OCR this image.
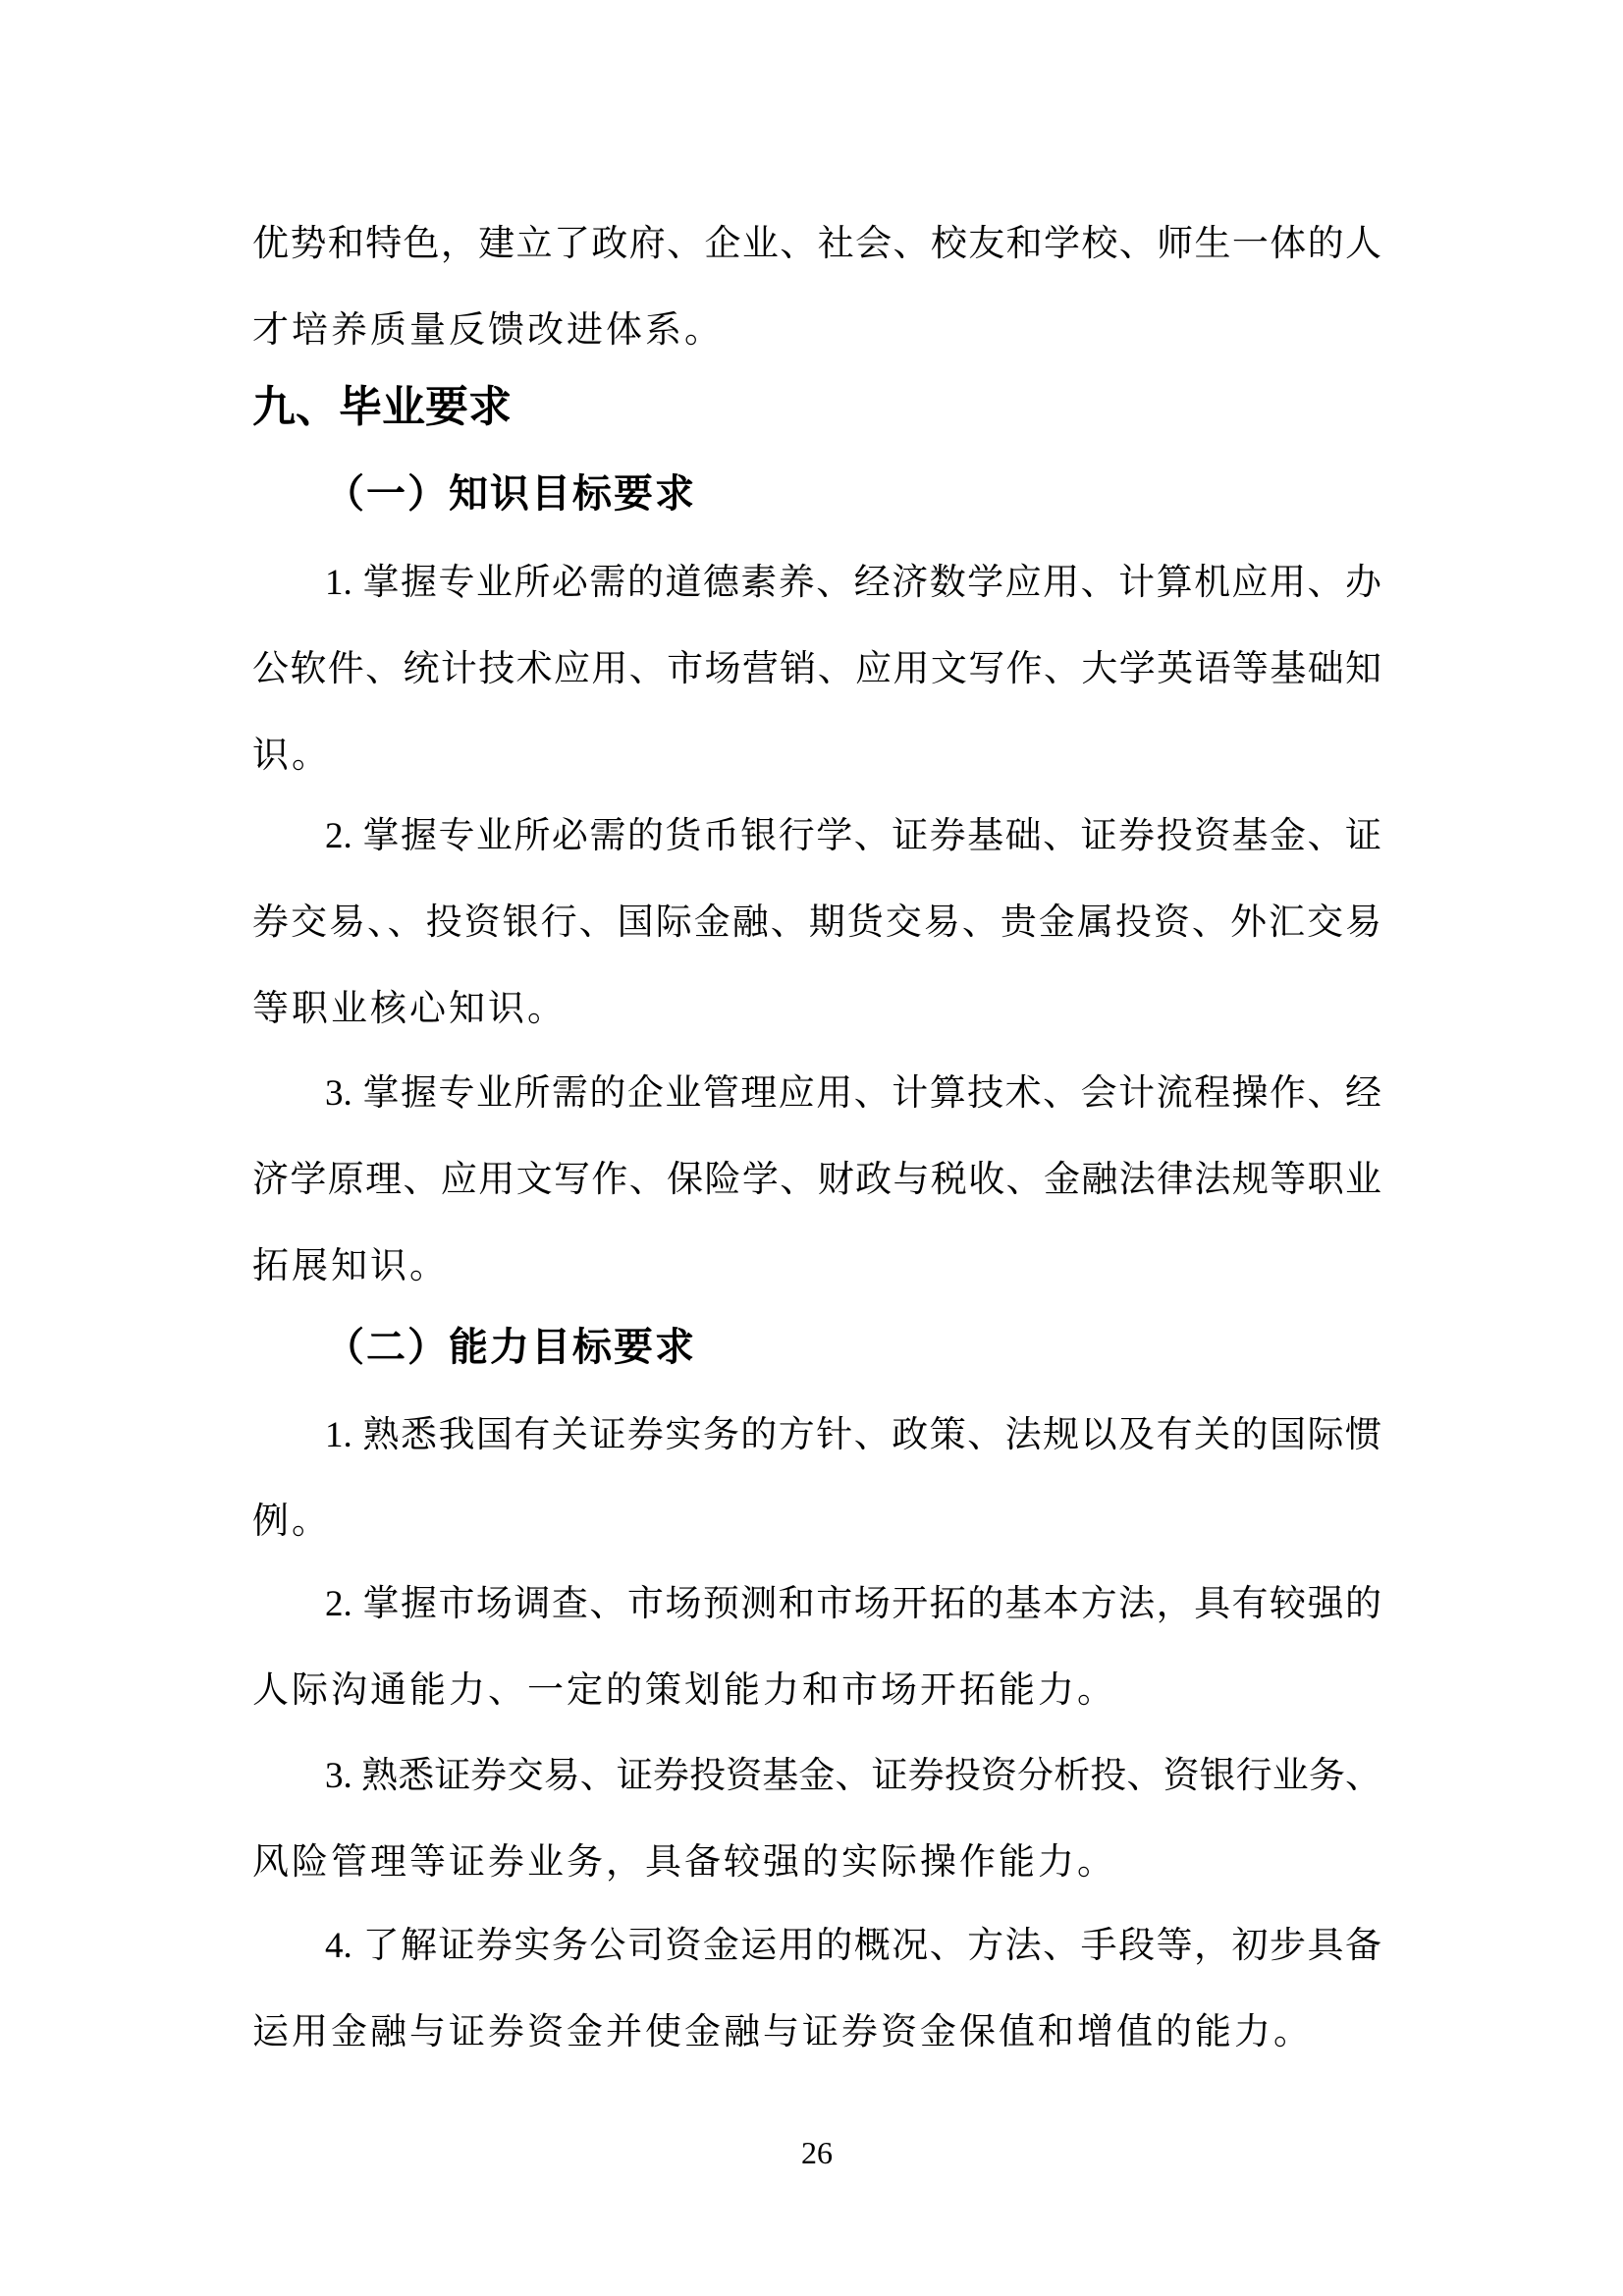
优势和特色，建立了政府、企业、社会、校友和学校、师生一体的人
才培养质量反馈改进体系。
九、毕业要求
（一）知识目标要求
1. 掌握专业所必需的道德素养、经济数学应用、计算机应用、办
公软件、统计技术应用、市场营销、应用文写作、大学英语等基础知
识。
2. 掌握专业所必需的货币银行学、证券基础、证券投资基金、证
券交易、、投资银行、国际金融、期货交易、贵金属投资、外汇交易
等职业核心知识。
3. 掌握专业所需的企业管理应用、计算技术、会计流程操作、经
济学原理、应用文写作、保险学、财政与税收、金融法律法规等职业
拓展知识。
（二）能力目标要求
1. 熟悉我国有关证券实务的方针、政策、法规以及有关的国际惯
例。
2. 掌握市场调查、市场预测和市场开拓的基本方法，具有较强的
人际沟通能力、一定的策划能力和市场开拓能力。
3. 熟悉证券交易、证券投资基金、证券投资分析投、资银行业务、
风险管理等证券业务，具备较强的实际操作能力。
4. 了解证券实务公司资金运用的概况、方法、手段等，初步具备
运用金融与证券资金并使金融与证券资金保值和增值的能力。
26
